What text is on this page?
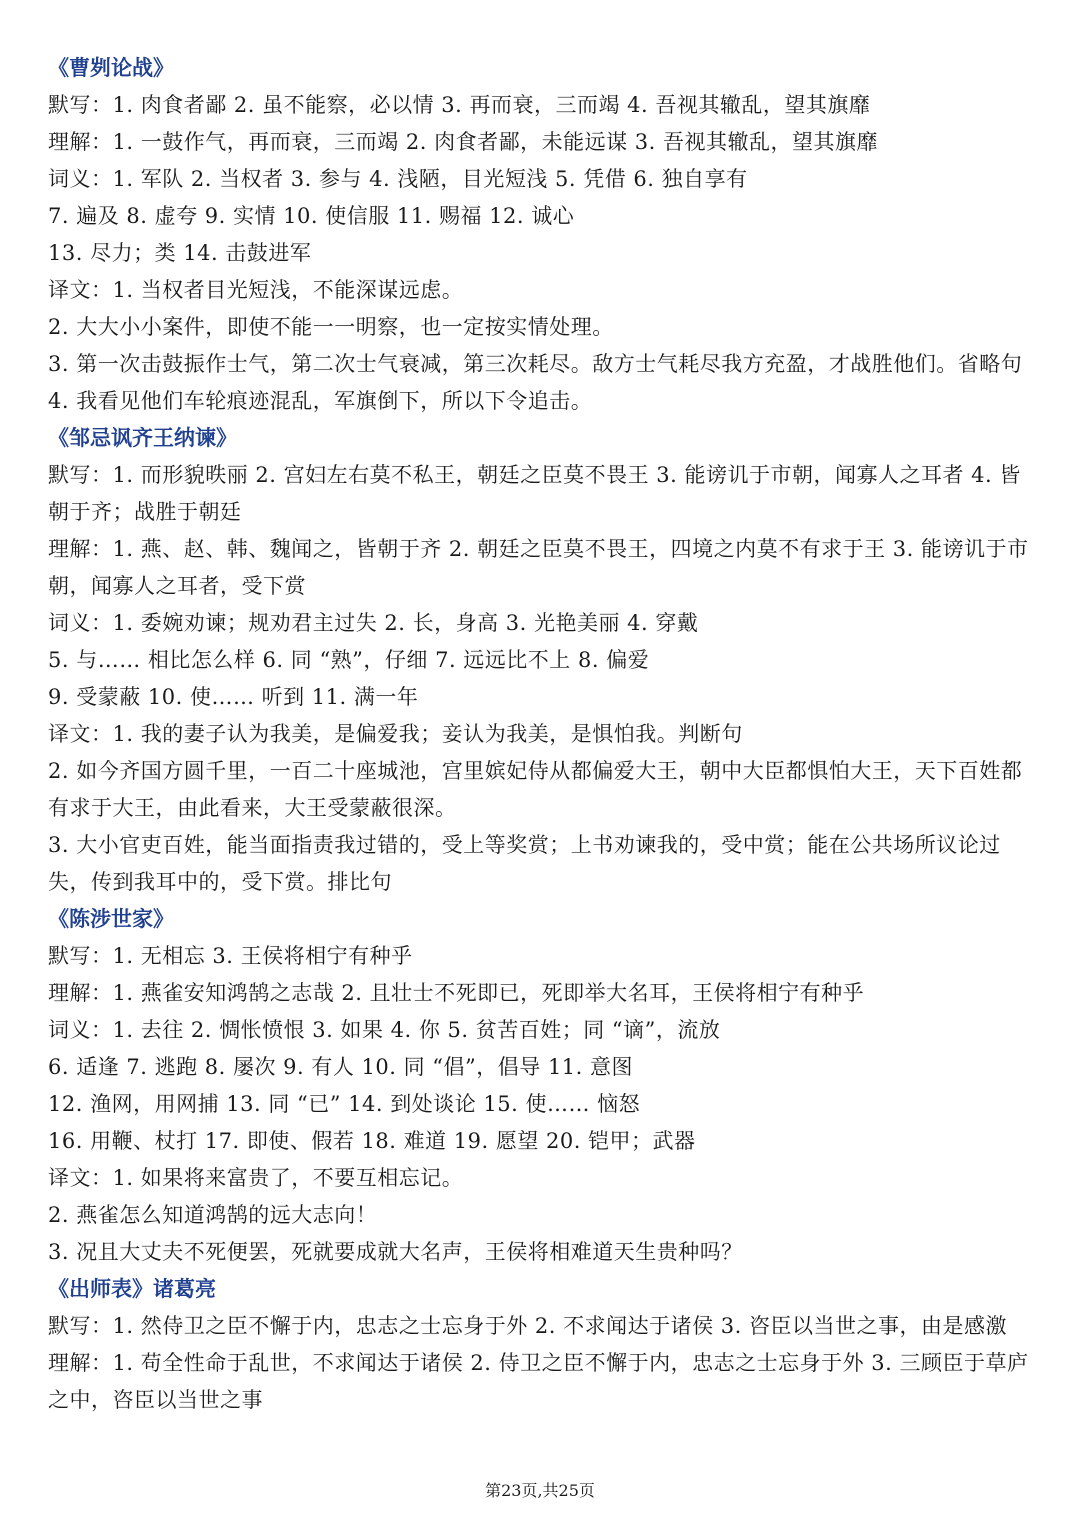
《曹刿论战》
默写：1. 肉食者鄙 2. 虽不能察，必以情 3. 再而衰，三而竭 4. 吾视其辙乱，望其旗靡
理解：1. 一鼓作气，再而衰，三而竭 2. 肉食者鄙，未能远谋 3. 吾视其辙乱，望其旗靡
词义：1. 军队 2. 当权者 3. 参与 4. 浅陋，目光短浅 5. 凭借 6. 独自享有
7. 遍及 8. 虚夸 9. 实情 10. 使信服 11. 赐福 12. 诚心
13. 尽力；类 14. 击鼓进军
译文：1. 当权者目光短浅，不能深谋远虑。
2. 大大小小案件，即使不能一一明察，也一定按实情处理。
3. 第一次击鼓振作士气，第二次士气衰减，第三次耗尽。敌方士气耗尽我方充盈，才战胜他们。省略句
4. 我看见他们车轮痕迹混乱，军旗倒下，所以下令追击。
《邹忌讽齐王纳谏》
默写：1. 而形貌昳丽 2. 宫妇左右莫不私王，朝廷之臣莫不畏王 3. 能谤讥于市朝，闻寡人之耳者 4. 皆朝于齐；战胜于朝廷
理解：1. 燕、赵、韩、魏闻之，皆朝于齐 2. 朝廷之臣莫不畏王，四境之内莫不有求于王 3. 能谤讥于市朝，闻寡人之耳者，受下赏
词义：1. 委婉劝谏；规劝君主过失 2. 长，身高 3. 光艳美丽 4. 穿戴
5. 与…… 相比怎么样 6. 同 “熟”，仔细 7. 远远比不上 8. 偏爱
9. 受蒙蔽 10. 使…… 听到 11. 满一年
译文：1. 我的妻子认为我美，是偏爱我；妾认为我美，是惧怕我。判断句
2. 如今齐国方圆千里，一百二十座城池，宫里嫔妃侍从都偏爱大王，朝中大臣都惧怕大王，天下百姓都有求于大王，由此看来，大王受蒙蔽很深。
3. 大小官吏百姓，能当面指责我过错的，受上等奖赏；上书劝谏我的，受中赏；能在公共场所议论过失，传到我耳中的，受下赏。排比句
《陈涉世家》
默写：1. 无相忘 3. 王侯将相宁有种乎
理解：1. 燕雀安知鸿鹄之志哉 2. 且壮士不死即已，死即举大名耳，王侯将相宁有种乎
词义：1. 去往 2. 惆怅愤恨 3. 如果 4. 你 5. 贫苦百姓；同 “谪”，流放
6. 适逢 7. 逃跑 8. 屡次 9. 有人 10. 同 “倡”，倡导 11. 意图
12. 渔网，用网捕 13. 同 “已” 14. 到处谈论 15. 使…… 恼怒
16. 用鞭、杖打 17. 即使、假若 18. 难道 19. 愿望 20. 铠甲；武器
译文：1. 如果将来富贵了，不要互相忘记。
2. 燕雀怎么知道鸿鹄的远大志向！
3. 况且大丈夫不死便罢，死就要成就大名声，王侯将相难道天生贵种吗？
《出师表》诸葛亮
默写：1. 然侍卫之臣不懈于内，忠志之士忘身于外 2. 不求闻达于诸侯 3. 咨臣以当世之事，由是感激
理解：1. 苟全性命于乱世，不求闻达于诸侯 2. 侍卫之臣不懈于内，忠志之士忘身于外 3. 三顾臣于草庐之中，咨臣以当世之事
第23页,共25页
